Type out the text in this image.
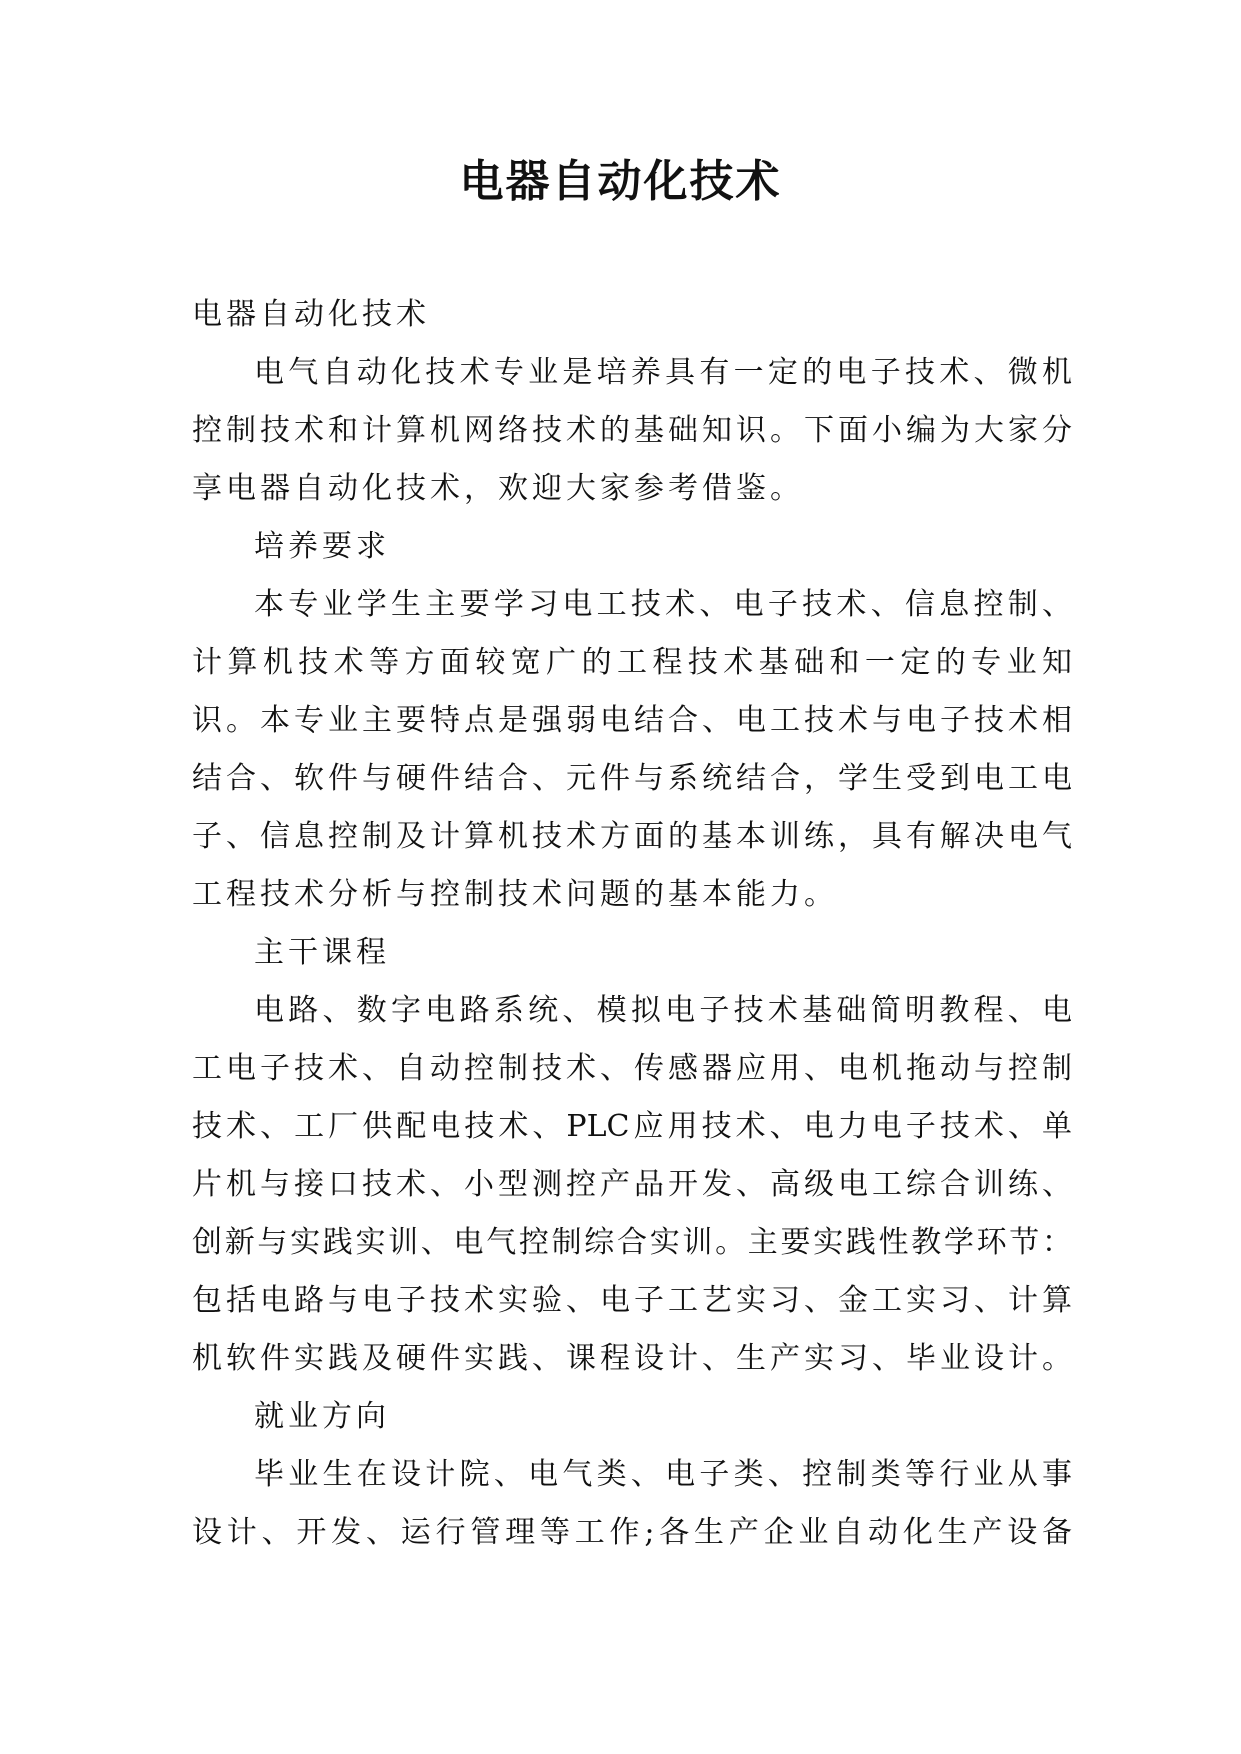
电器自动化技术
电器自动化技术
电气自动化技术专业是培养具有一定的电子技术、微机
控制技术和计算机网络技术的基础知识。下面小编为大家分
享电器自动化技术，欢迎大家参考借鉴。
培养要求
本专业学生主要学习电工技术、电子技术、信息控制、
计算机技术等方面较宽广的工程技术基础和一定的专业知
识。本专业主要特点是强弱电结合、电工技术与电子技术相
结合、软件与硬件结合、元件与系统结合，学生受到电工电
子、信息控制及计算机技术方面的基本训练，具有解决电气
工程技术分析与控制技术问题的基本能力。
主干课程
电路、数字电路系统、模拟电子技术基础简明教程、电
工电子技术、自动控制技术、传感器应用、电机拖动与控制
技术、工厂供配电技术、PLC应用技术、电力电子技术、单
片机与接口技术、小型测控产品开发、高级电工综合训练、
创新与实践实训、电气控制综合实训。主要实践性教学环节：
包括电路与电子技术实验、电子工艺实习、金工实习、计算
机软件实践及硬件实践、课程设计、生产实习、毕业设计。
就业方向
毕业生在设计院、电气类、电子类、控制类等行业从事
设计、开发、运行管理等工作;各生产企业自动化生产设备
